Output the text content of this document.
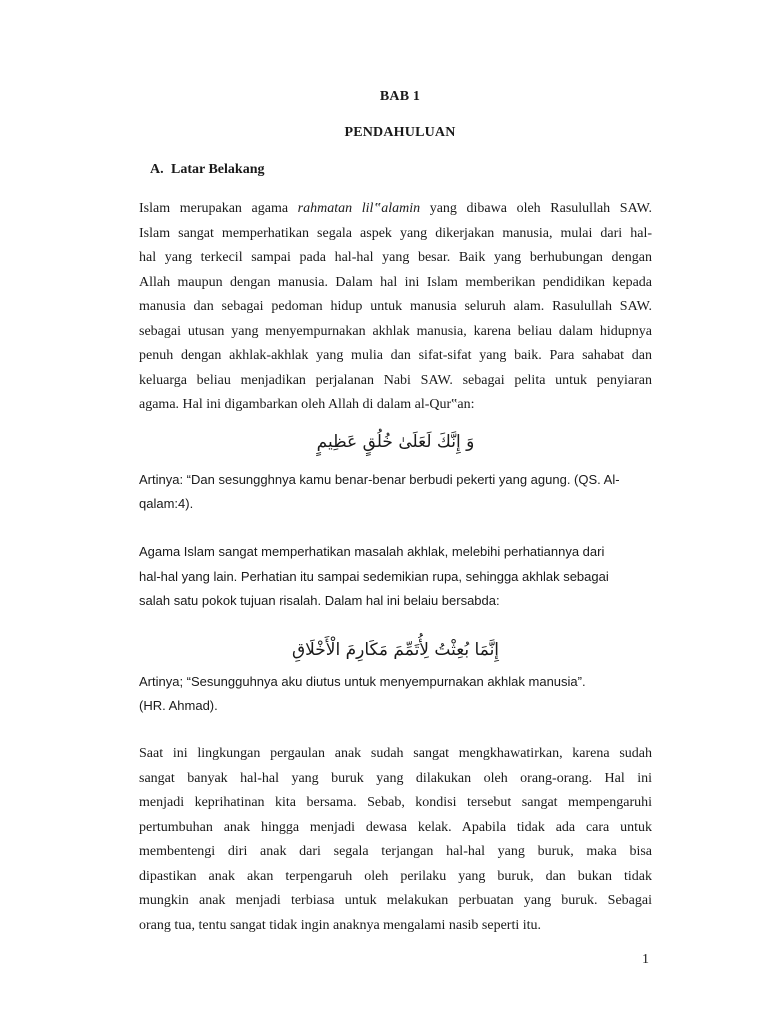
BAB 1
PENDAHULUAN
A. Latar Belakang
Islam merupakan agama rahmatan lil‟alamin yang dibawa oleh Rasulullah SAW.
Islam sangat memperhatikan segala aspek yang dikerjakan manusia, mulai dari hal-
hal yang terkecil sampai pada hal-hal yang besar. Baik yang berhubungan dengan
Allah maupun dengan manusia. Dalam hal ini Islam memberikan pendidikan kepada
manusia dan sebagai pedoman hidup untuk manusia seluruh alam. Rasulullah SAW.
sebagai utusan yang menyempurnakan akhlak manusia, karena beliau dalam hidupnya
penuh dengan akhlak-akhlak yang mulia dan sifat-sifat yang baik. Para sahabat dan
keluarga beliau menjadikan perjalanan Nabi SAW. sebagai pelita untuk penyiaran
agama. Hal ini digambarkan oleh Allah di dalam al-Qur‟an:
وَ إِنَّكَ لَعَلَىٰ خُلُقٍ عَظِيمٍ
Artinya: “Dan sesungghnya kamu benar-benar berbudi pekerti yang agung. (QS. Al-
qalam:4).
Agama Islam sangat memperhatikan masalah akhlak, melebihi perhatiannya dari
hal-hal yang lain. Perhatian itu sampai sedemikian rupa, sehingga akhlak sebagai
salah satu pokok tujuan risalah. Dalam hal ini belaiu bersabda:
إِنَّمَا بُعِثْتُ لِأُتَمِّمَ مَكَارِمَ الْأَخْلَاقِ
Artinya; “Sesungguhnya aku diutus untuk menyempurnakan akhlak manusia”.
(HR. Ahmad).
Saat ini lingkungan pergaulan anak sudah sangat mengkhawatirkan, karena sudah
sangat banyak hal-hal yang buruk yang dilakukan oleh orang-orang. Hal ini
menjadi keprihatinan kita bersama. Sebab, kondisi tersebut sangat mempengaruhi
pertumbuhan anak hingga menjadi dewasa kelak. Apabila tidak ada cara untuk
membentengi diri anak dari segala terjangan hal-hal yang buruk, maka bisa
dipastikan anak akan terpengaruh oleh perilaku yang buruk, dan bukan tidak
mungkin anak menjadi terbiasa untuk melakukan perbuatan yang buruk. Sebagai
orang tua, tentu sangat tidak ingin anaknya mengalami nasib seperti itu.
1
